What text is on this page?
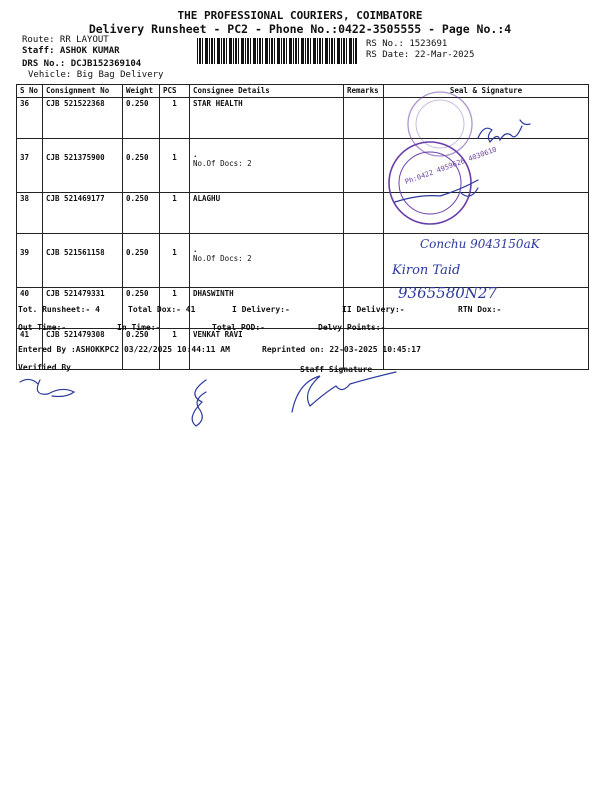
THE PROFESSIONAL COURIERS, COIMBATORE
Delivery Runsheet - PC2 - Phone No.:0422-3505555 - Page No.:4
Route: RR LAYOUT
Staff: ASHOK KUMAR
DRS No.: DCJB152369104
Vehicle: Big Bag Delivery
RS No.: 1523691
RS Date: 22-Mar-2025
S No	Consignment No	Weight	PCS	Consignee Details	Remarks	Seal & Signature
36	CJB 521522368	0.250	1	STAR HEALTH		
37	CJB 521375900	0.250	1	.
No.Of Docs: 2		

38	CJB 521469177	0.250	1	ALAGHU		
39	CJB 521561158	0.250	1	.
No.Of Docs: 2		

40	CJB 521479331	0.250	1	DHASWINTH		
41	CJB 521479308	0.250	1	VENKAT RAVI		
Ph:0422 4959626 4030610
Conchu 9043150aK
Kiron Taid
9365580N27
Tot. Runsheet:- 4	Total Dox:- 41	I Delivery:-	II Delivery:-	RTN Dox:-
Out Time:-	In Time:-	Total POD:-	Delvy Points:-
Entered By :ASHOKKPC2 03/22/2025 10:44:11 AM	Reprinted on: 22-03-2025 10:45:17
Verified By	Staff Signature
